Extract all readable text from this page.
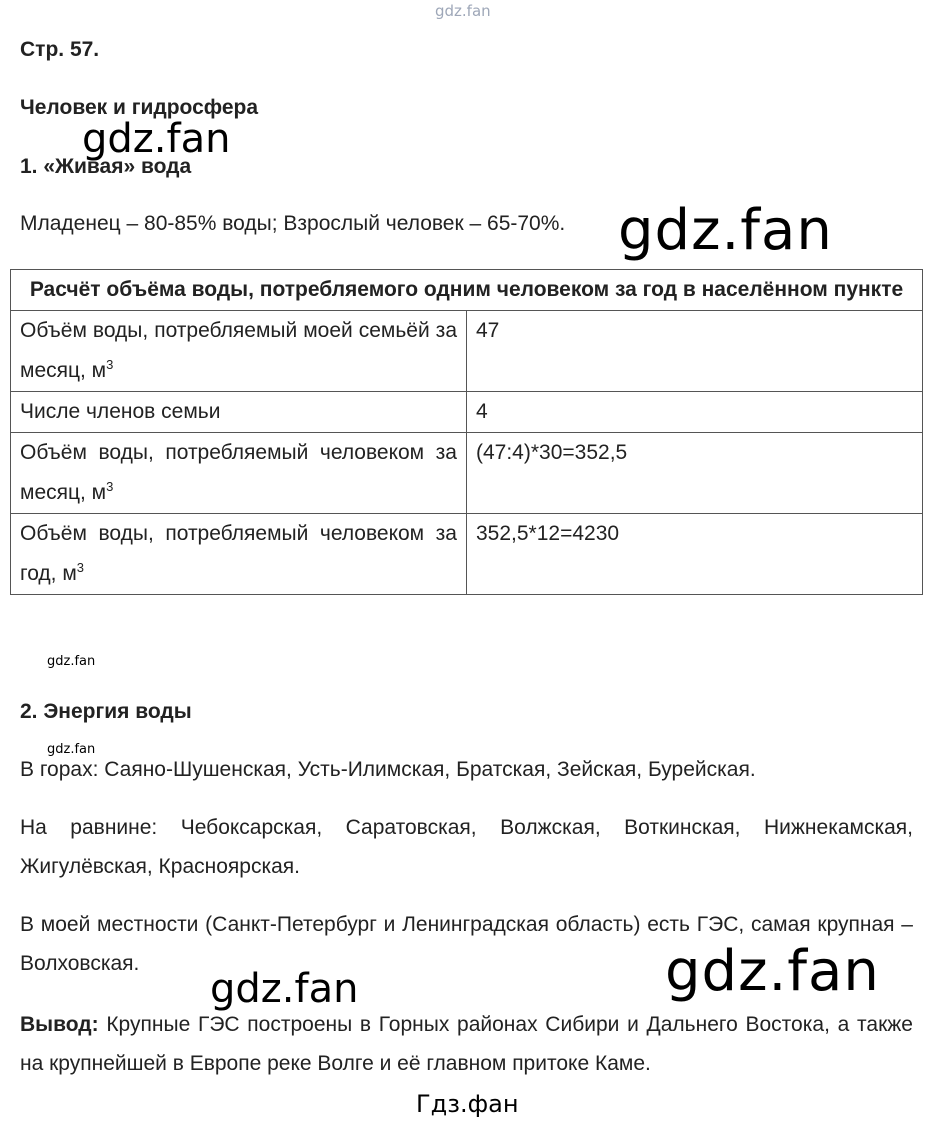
gdz.fan
gdz.fan
gdz.fan
gdz.fan
gdz.fan
gdz.fan
gdz.fan
Стр. 57.
Человек и гидросфера
1. «Живая» вода
Младенец – 80-85% воды; Взрослый человек – 65-70%.
Расчёт объёма воды, потребляемого одним человеком за год в населённом пункте	
Объём воды, потребляемый моей семьёй за месяц, $м^3$	47
Числе членов семьи	4
Объём воды, потребляемый человеком за месяц, $м^3$	(47:4)*30=352,5
Объём воды, потребляемый человеком за год, $м^3$	352,5*12=4230
2. Энергия воды
В горах: Саяно-Шушенская, Усть-Илимская, Братская, Зейская, Бурейская.
На равнине: Чебоксарская, Саратовская, Волжская, Воткинская, Нижнекамская, Жигулёвская, Красноярская.
В моей местности (Санкт-Петербург и Ленинградская область) есть ГЭС, самая крупная – Волховская.
Вывод: Крупные ГЭС построены в Горных районах Сибири и Дальнего Востока, а также на крупнейшей в Европе реке Волге и её главном притоке Каме.
Гдз.фан
